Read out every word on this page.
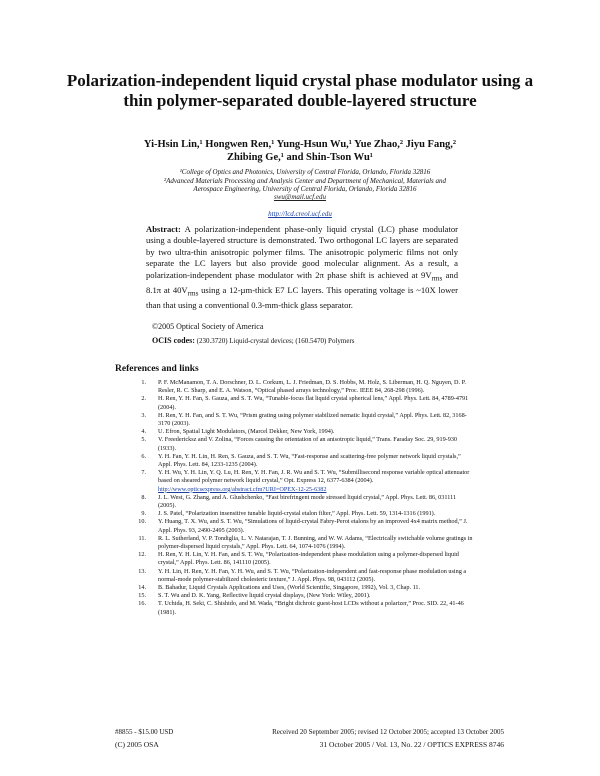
Polarization-independent liquid crystal phase modulator using a thin polymer-separated double-layered structure
Yi-Hsin Lin,¹ Hongwen Ren,¹ Yung-Hsun Wu,¹ Yue Zhao,² Jiyu Fang,²
Zhibing Ge,¹ and Shin-Tson Wu¹
¹College of Optics and Photonics, University of Central Florida, Orlando, Florida 32816
²Advanced Materials Processing and Analysis Center and Department of Mechanical, Materials and
Aerospace Engineering, University of Central Florida, Orlando, Florida 32816
swu@mail.ucf.edu
http://lcd.creol.ucf.edu
Abstract: A polarization-independent phase-only liquid crystal (LC) phase modulator using a double-layered structure is demonstrated. Two orthogonal LC layers are separated by two ultra-thin anisotropic polymer films. The anisotropic polymeric films not only separate the LC layers but also provide good molecular alignment. As a result, a polarization-independent phase modulator with 2π phase shift is achieved at $9V_{rms}$ and 8.1π at $40V_{rms}$ using a 12-µm-thick E7 LC layers. This operating voltage is ~10X lower than that using a conventional 0.3-mm-thick glass separator.
©2005 Optical Society of America
OCIS codes: (230.3720) Liquid-crystal devices; (160.5470) Polymers
References and links
1.	P. F. McManamon, T. A. Dorschner, D. L. Corkum, L. J. Friedman, D. S. Hobbs, M. Holz, S. Liberman, H. Q. Nguyen, D. P. Resler, R. C. Sharp, and E. A. Watson, “Optical phased arrays technology,” Proc. IEEE 84, 268-298 (1996).
2.	H. Ren, Y. H. Fan, S. Gauza, and S. T. Wu, “Tunable-focus flat liquid crystal spherical lens,” Appl. Phys. Lett. 84, 4789-4791 (2004).
3.	H. Ren, Y. H. Fan, and S. T. Wu, “Prism grating using polymer stabilized nematic liquid crystal,” Appl. Phys. Lett. 82, 3168-3170 (2003).
4.	U. Efron, Spatial Light Modulators, (Marcel Dekker, New York, 1994).
5.	V. Freedericksz and V. Zolina, “Forces causing the orientation of an anisotropic liquid,” Trans. Faraday Soc. 29, 919-930 (1933).
6.	Y. H. Fan, Y. H. Lin, H. Ren, S. Gauza, and S. T. Wu, “Fast-response and scattering-free polymer network liquid crystals,” Appl. Phys. Lett. 84, 1233-1235 (2004).
7.	Y. H. Wu, Y. H. Lin, Y. Q. Lu, H. Ren, Y. H. Fan, J. R. Wu and S. T. Wu, “Submillisecond response variable optical attenuator based on sheared polymer network liquid crystal,” Opt. Express 12, 6377-6384 (2004).
http://www.opticsexpress.org/abstract.cfm?URI=OPEX-12-25-6382
8.	J. L. West, G. Zhang, and A. Glushchenko, “Fast birefringent mode stressed liquid crystal,” Appl. Phys. Lett. 86, 031111 (2005).
9.	J. S. Patel, “Polarization insensitive tunable liquid-crystal etalon filter,” Appl. Phys. Lett. 59, 1314-1316 (1991).
10.	Y. Huang, T. X. Wu, and S. T. Wu, “Simulations of liquid-crystal Fabry-Perot etalons by an improved 4x4 matrix method,” J. Appl. Phys. 93, 2490-2495 (2003).
11.	R. L. Sutherland, V. P. Tondiglia, L. V. Natarajan, T. J. Bunning, and W. W. Adams, “Electrically switchable volume gratings in polymer-dispersed liquid crystals,” Appl. Phys. Lett. 64, 1074-1076 (1994).
12.	H. Ren, Y. H. Lin, Y. H. Fan, and S. T. Wu, “Polarization-independent phase modulation using a polymer-dispersed liquid crystal,” Appl. Phys. Lett. 86, 141110 (2005).
13.	Y. H. Lin, H. Ren, Y. H. Fan, Y. H. Wu, and S. T. Wu, “Polarization-independent and fast-response phase modulation using a normal-mode polymer-stabilized cholesteric texture,” J. Appl. Phys. 98, 043112 (2005).
14.	B. Bahadur, Liquid Crystals Applications and Uses, (World Scientific, Singapore, 1992), Vol. 3, Chap. 11.
15.	S. T. Wu and D. K. Yang, Reflective liquid crystal displays, (New York: Wiley, 2001).
16.	T. Uchida, H. Seki, C. Shishido, and M. Wada, “Bright dichroic guest-host LCDs without a polarizer,” Proc. SID. 22, 41-46 (1981).
#8855 - $15.00 USD
(C) 2005 OSA
Received 20 September 2005; revised 12 October 2005; accepted 13 October 2005
31 October 2005 / Vol. 13, No. 22 / OPTICS EXPRESS 8746
